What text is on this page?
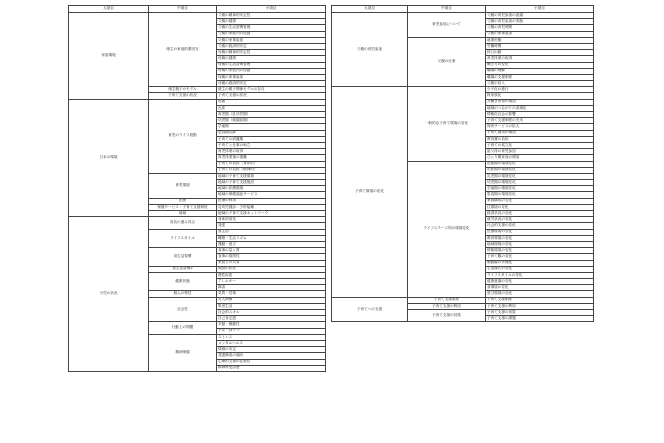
大項目	中項目	小項目
家庭環境	緒主の家庭的要因支	父親の精神的安定性
		父親の健康
		父親の生活習慣管理
		父親の家庭内の役割
		父親の家事参加
		父親の経済的安定
		母親の精神的安定性
		母親の健康
		母親の生活習慣管理
		母親の家庭内の役割
		母親の家事参加
		母親の経済的安定
	緒主親子のモデル	緒主の親子関係モデルの存在
	子育て支援の状況	子育て支援の状況
日本の環境	育児のライフ段階	妊娠
		出産
		育児期（乳幼児期）
		幼児期（就園前期）
		学童期
		思春期以降
		子育ての終盤期
		子育てと仕事の両立
		育児休業の取得
		育児休業後の復職
		子育ての負担（身体的）
		子育ての負担（精神的）
	育児環境	地域の子育て支援環境
		地域の子育て支援施設
		地域の医療環境
		地域の保健福祉サービス
	医療	医療の利用
	保健サービス・子育て支援制度	乳幼児健診・予防接種
	地域	地域の子育て支援ネットワーク
小児の状況	成長の進み具合	身体的成長
		発達
	ライフスタイル	食生活
		睡眠・生活リズム
		運動・遊び
	食生活習慣	食事の量と質
		食事の規則性
		家族との共食
	食生活習慣2	間食の状況
	健康状態	慢性疾患
		アレルギー
		障害
	個人の特性	気質・性格
	社会性	友人関係
		集団生活
		社会的スキル
		自己肯定感
	行動上の問題	多動・衝動性
		不安・抑うつ
	精神保健	ストレス
		メンタルヘルス
		情緒の安定
		発達障害の傾向
		心理的支援の必要性
		精神科受診歴
大項目	中項目	小項目
父親の育児参加	育児参加について	父親の育児参加の意識
		父親の育児参加の実態
		父親の育児時間
		父親の家事参加
	父親の仕事	就業形態
		労働時間
		休日出勤
		育児休業の取得
		働き方の変化
		職場の理解
		職場の支援制度
		父親の収入
子育て環境の変化	一般的な子育て環境の変化	少子化の進行
		核家族化
		共働き世帯の増加
		地域のつながりの希薄化
		情報化社会の影響
		子育て支援制度の充実
		保育サービスの拡大
		子育て費用の増加
		教育費の負担
		子育ての孤立化
		祖父母の育児参加
		ひとり親家庭の増加
	ライフステージ別の環境変化	妊娠期の環境変化
		出産期の環境変化
		乳児期の環境変化
		幼児期の環境変化
		学童期の環境変化
		思春期の環境変化
		家族構成の変化
		住環境の変化
		経済状況の変化
		就労状況の変化
		社会的支援の変化
		医療環境の変化
		教育環境の変化
		地域環境の変化
		情報環境の変化
		子育て観の変化
		価値観の多様化
		生活様式の変化
		ライフスタイルの変化
		健康意識の変化
		食環境の変化
		遊び環境の変化
子育てへの支援	子育て支援制度	子育て支援制度
	子育て支援の利用	子育て支援の利用
	子育て支援の効果	子育て支援の効果
		子育て支援の課題
